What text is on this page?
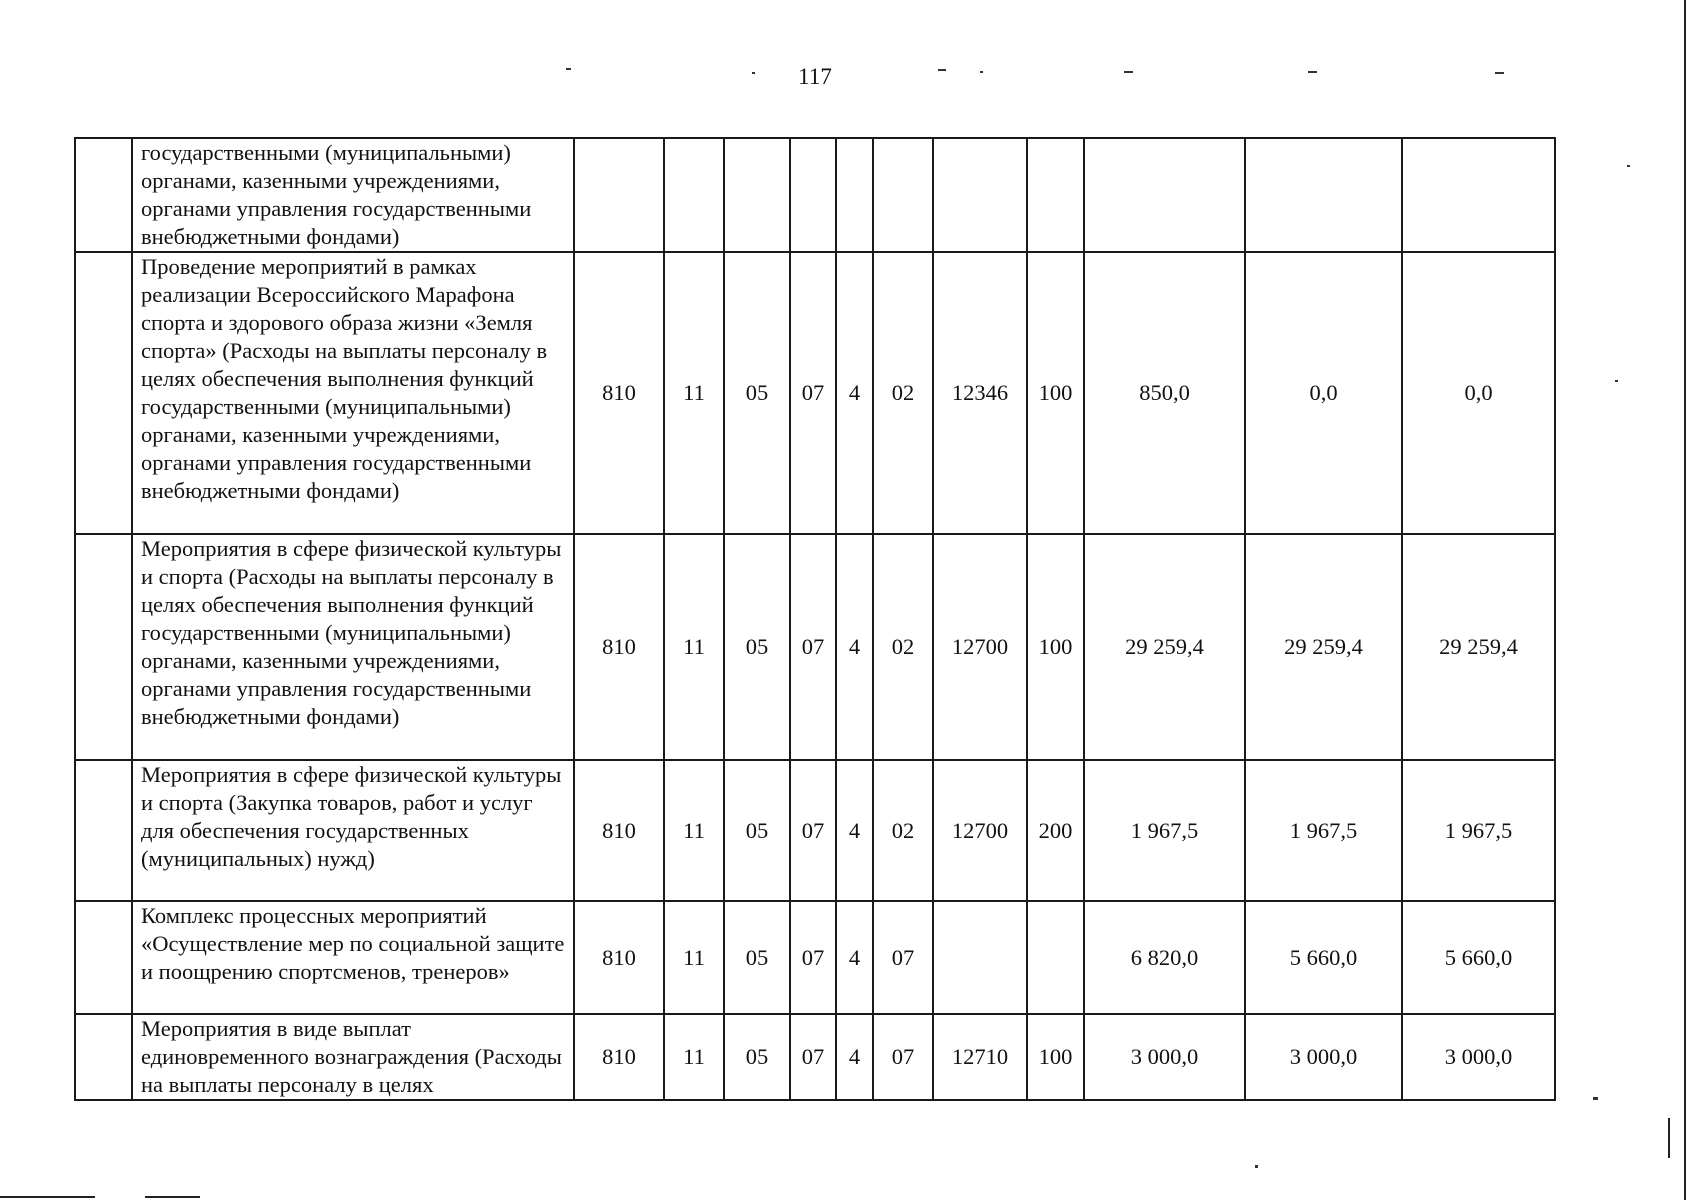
117
	государственными (муниципальными) органами, казенными учреждениями, органами управления государственными внебюджетными фондами)											
	Проведение мероприятий в рамках реализации Всероссийского Марафона спорта и здорового образа жизни «Земля спорта» (Расходы на выплаты персоналу в целях обеспечения выполнения функций государственными (муниципальными) органами, казенными учреждениями, органами управления государственными внебюджетными фондами)	810	11	05	07	4	02	12346	100	850,0	0,0	0,0
	Мероприятия в сфере физической культуры и спорта (Расходы на выплаты персоналу в целях обеспечения выполнения функций государственными (муниципальными) органами, казенными учреждениями, органами управления государственными внебюджетными фондами)	810	11	05	07	4	02	12700	100	29 259,4	29 259,4	29 259,4
	Мероприятия в сфере физической культуры и спорта (Закупка товаров, работ и услуг для обеспечения государственных (муниципальных) нужд)	810	11	05	07	4	02	12700	200	1 967,5	1 967,5	1 967,5
	Комплекс процессных мероприятий «Осуществление мер по социальной защите и поощрению спортсменов, тренеров»	810	11	05	07	4	07			6 820,0	5 660,0	5 660,0
	Мероприятия в виде выплат единовременного вознаграждения (Расходы на выплаты персоналу в целях	810	11	05	07	4	07	12710	100	3 000,0	3 000,0	3 000,0
